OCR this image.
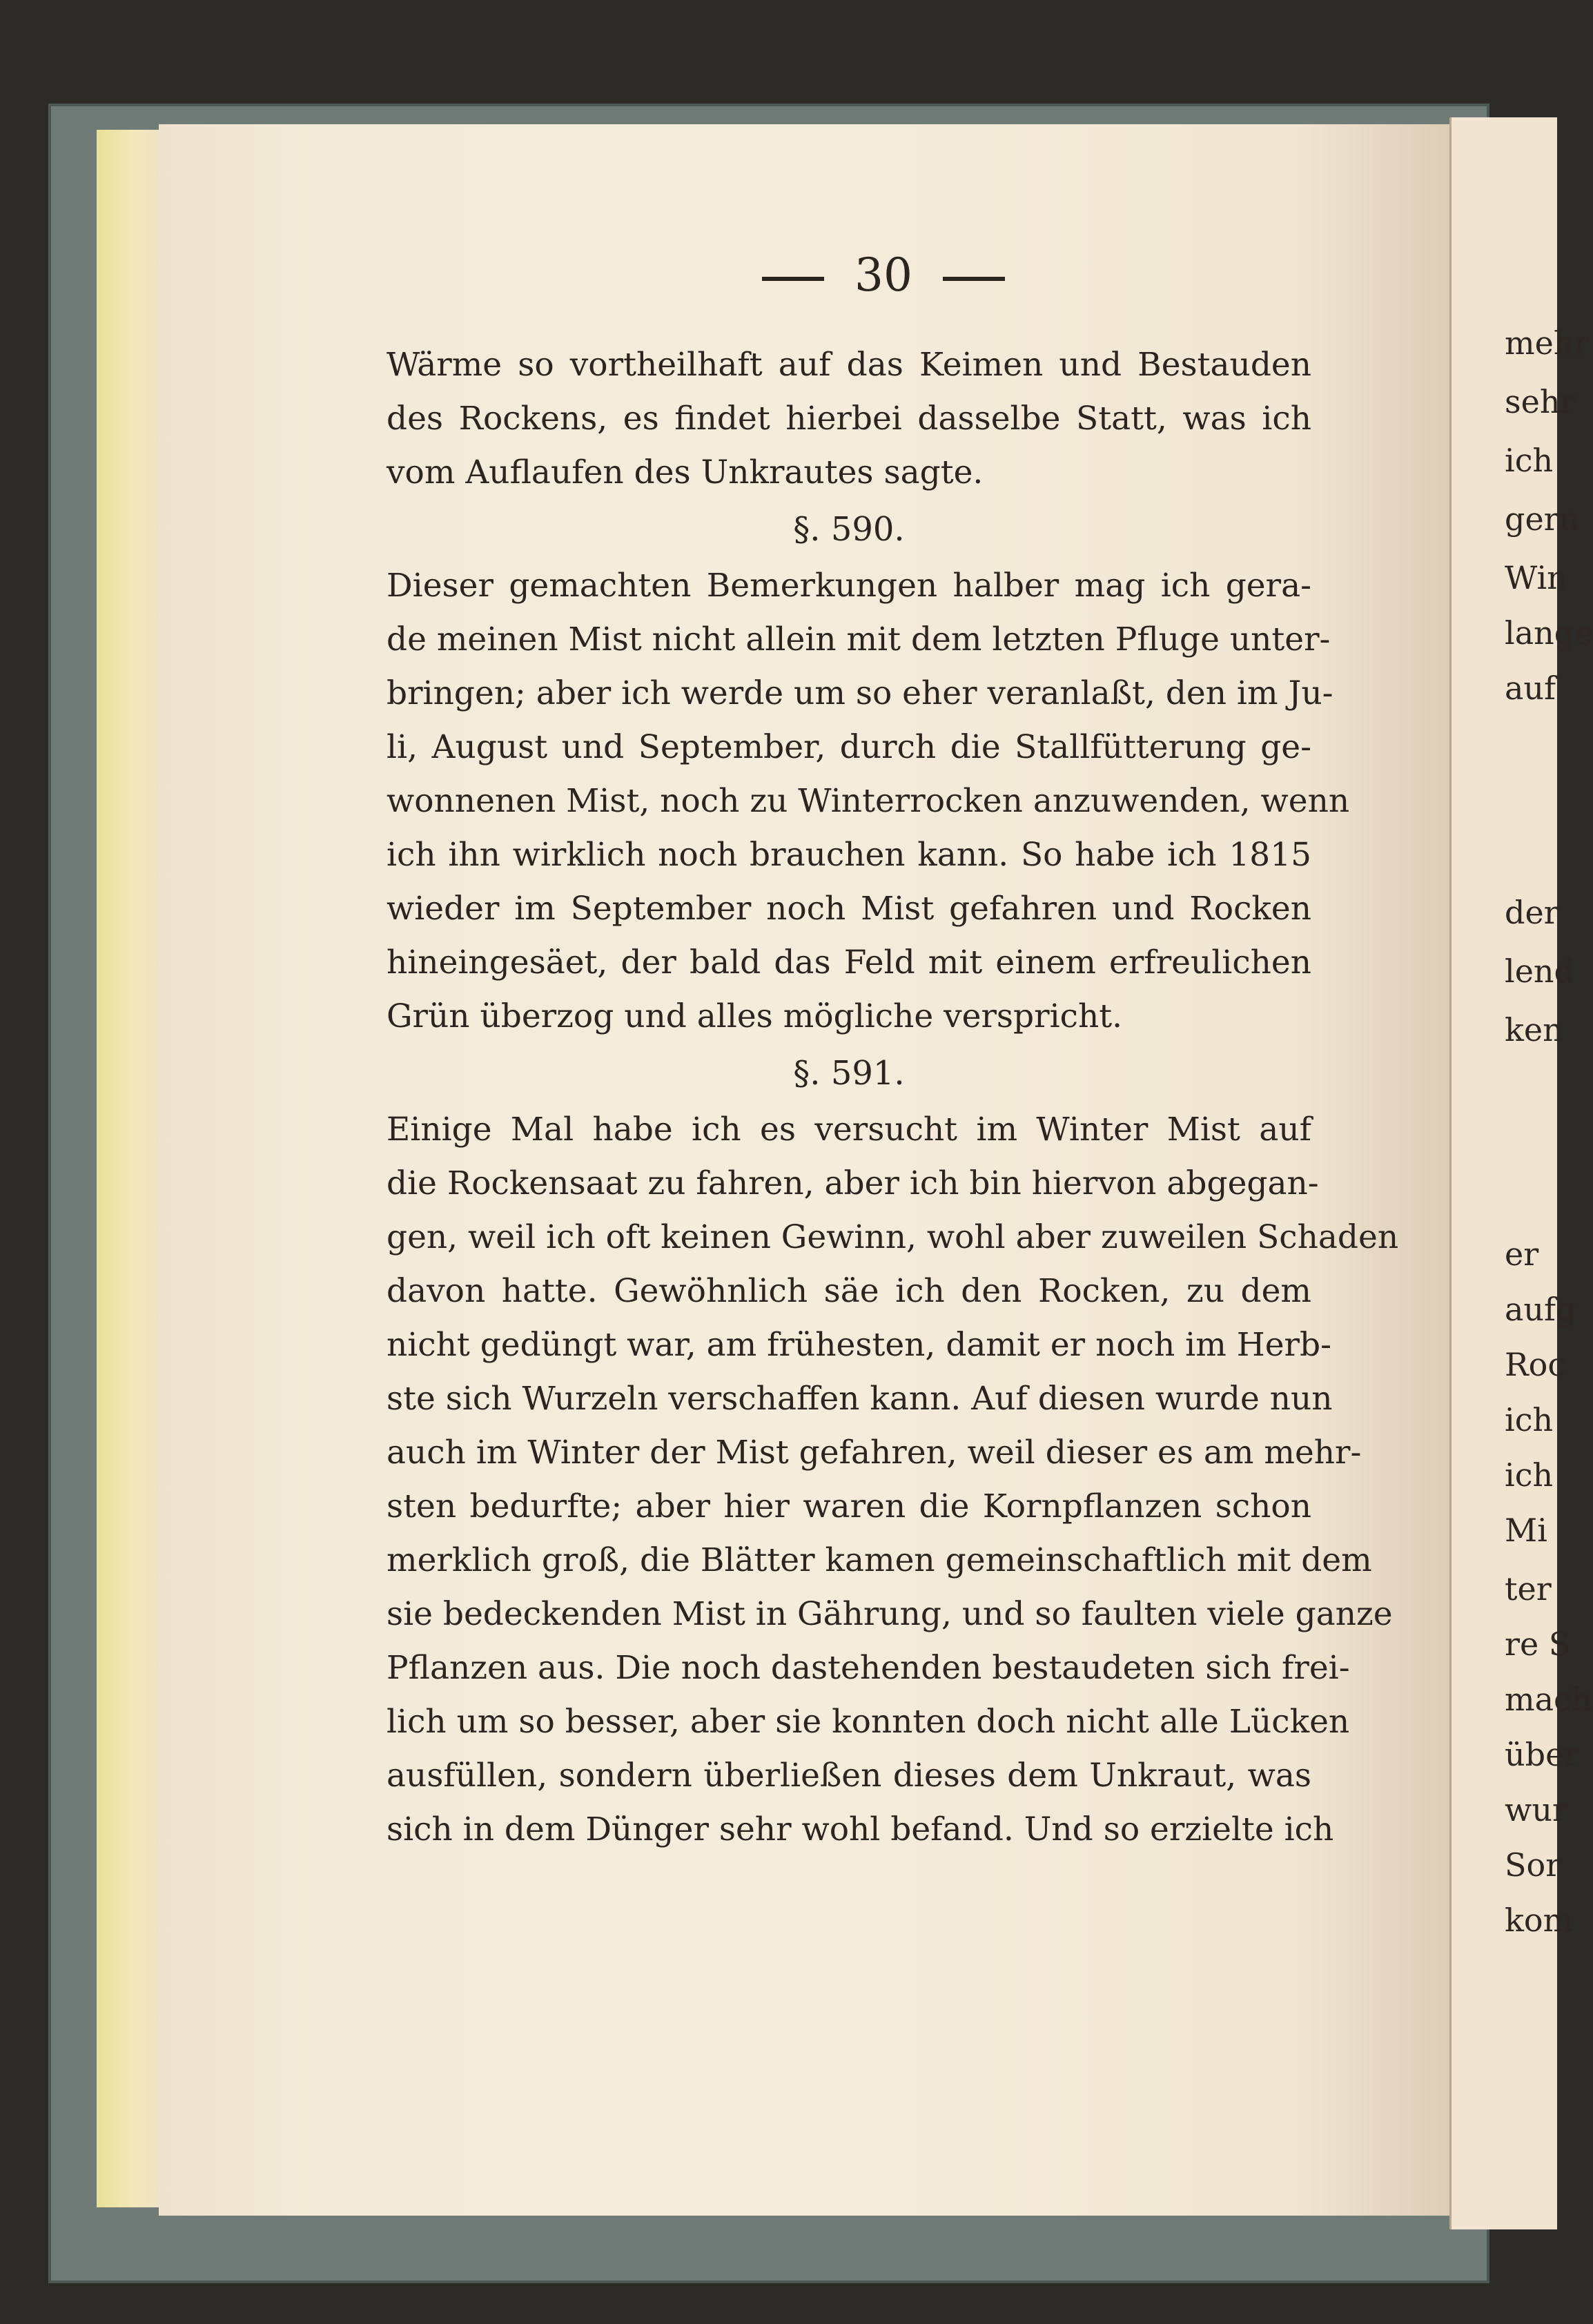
30
Wärme so vortheilhaft auf das Keimen und Bestauden
des Rockens, es findet hierbei dasselbe Statt, was ich
vom Auflaufen des Unkrautes sagte.
§. 590.
Dieser gemachten Bemerkungen halber mag ich gera-
de meinen Mist nicht allein mit dem letzten Pfluge unter-
bringen; aber ich werde um so eher veranlaßt, den im Ju-
li, August und September, durch die Stallfütterung ge-
wonnenen Mist, noch zu Winterrocken anzuwenden, wenn
ich ihn wirklich noch brauchen kann. So habe ich 1815
wieder im September noch Mist gefahren und Rocken
hineingesäet, der bald das Feld mit einem erfreulichen
Grün überzog und alles mögliche verspricht.
§. 591.
Einige Mal habe ich es versucht im Winter Mist auf
die Rockensaat zu fahren, aber ich bin hiervon abgegan-
gen, weil ich oft keinen Gewinn, wohl aber zuweilen Schaden
davon hatte. Gewöhnlich säe ich den Rocken, zu dem
nicht gedüngt war, am frühesten, damit er noch im Herb-
ste sich Wurzeln verschaffen kann. Auf diesen wurde nun
auch im Winter der Mist gefahren, weil dieser es am mehr-
sten bedurfte; aber hier waren die Kornpflanzen schon
merklich groß, die Blätter kamen gemeinschaftlich mit dem
sie bedeckenden Mist in Gährung, und so faulten viele ganze
Pflanzen aus. Die noch dastehenden bestaudeten sich frei-
lich um so besser, aber sie konnten doch nicht alle Lücken
ausfüllen, sondern überließen dieses dem Unkraut, was
sich in dem Dünger sehr wohl befand. Und so erzielte ich
mehr
sehr
ich
gern
Win
lange
auf
der
lend
ken
er
aufg
Roc
ich
ich
Mi
ter
re S
mach
über
wur
Sor
kom
